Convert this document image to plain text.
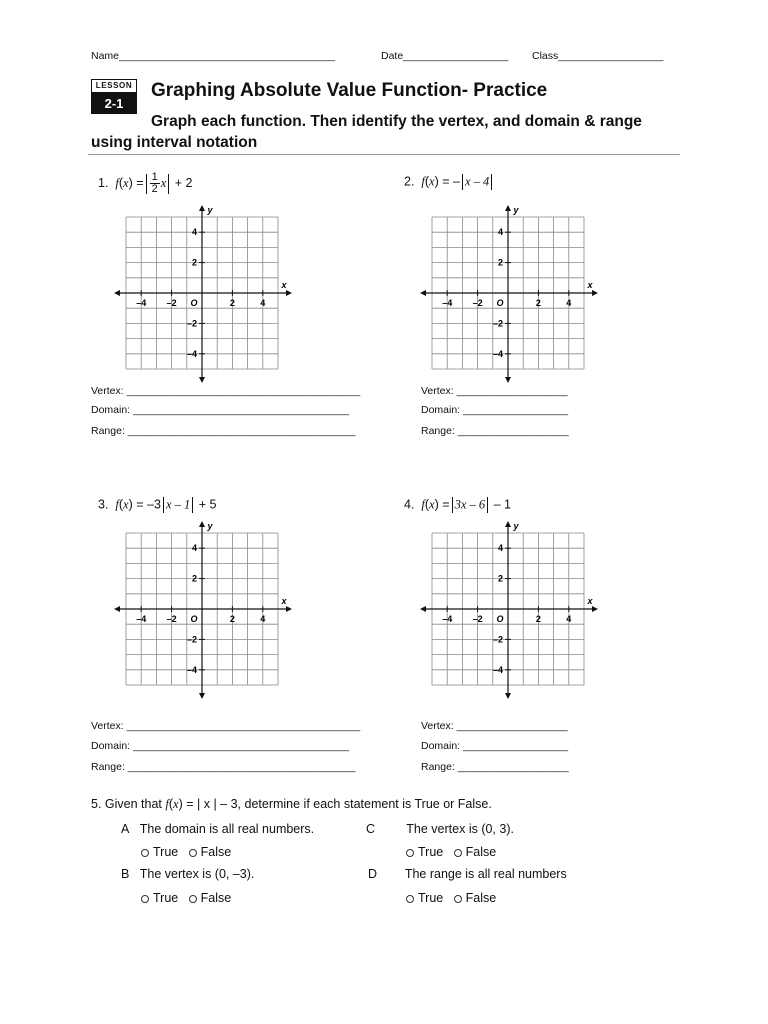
Name_____________________________________	Date__________________ Class__________________
LESSON
2-1
Graphing Absolute Value Function- Practice
Graph each function. Then identify the vertex, and domain & range using interval notation
1. $f(x) = \frac{1}{2}$ x + 2	2. f(x) = – x – 4
3. f(x) = –3 x – 1 + 5	4. f(x) = 3x – 6 – 1
–4 –2	2	4
4
2
–2
–4
O
x
y
–4 –2	2	4
4
2
–2
–4
O
x
y
–4 –2	2	4
4
2
–2
–4
O
x
y
–4 –2	2	4
4
2
–2
–4
O
x
y
Vertex: ________________________________________
Domain: _____________________________________
Range: _______________________________________
Vertex: ___________________
Domain: __________________
Range: ___________________
Vertex: ________________________________________
Domain: _____________________________________
Range: _______________________________________
Vertex: ___________________
Domain: __________________
Range: ___________________
5. Given that f(x) = | x | – 3, determine if each statement is True or False.
A The domain is all real numbers.
True False
C	The vertex is (0, 3).
True False
B The vertex is (0, –3).
True False
D The range is all real numbers
True False
